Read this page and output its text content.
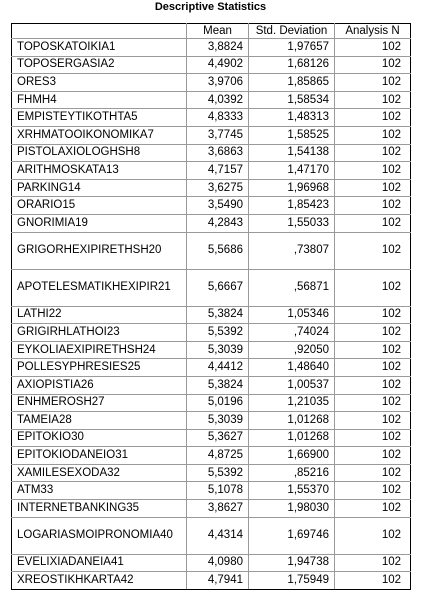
Descriptive Statistics
	Mean	Std. Deviation	Analysis N
TOPOSKATOIKIA1	3,8824	1,97657	102
TOPOSERGASIA2	4,4902	1,68126	102
ORES3	3,9706	1,85865	102
FHMH4	4,0392	1,58534	102
EMPISTEYTIKOTHTA5	4,8333	1,48313	102
XRHMATOOIKONOMIKA7	3,7745	1,58525	102
PISTOLAXIOLOGHSH8	3,6863	1,54138	102
ARITHMOSKATA13	4,7157	1,47170	102
PARKING14	3,6275	1,96968	102
ORARIO15	3,5490	1,85423	102
GNORIMIA19	4,2843	1,55033	102
GRIGORHEXIPIRETHSH20	5,5686	,73807	102
APOTELESMATIKHEXIPIR21	5,6667	,56871	102
LATHI22	5,3824	1,05346	102
GRIGIRHLATHOI23	5,5392	,74024	102
EYKOLIAEXIPIRETHSH24	5,3039	,92050	102
POLLESYPHRESIES25	4,4412	1,48640	102
AXIOPISTIA26	5,3824	1,00537	102
ENHMEROSH27	5,0196	1,21035	102
TAMEIA28	5,3039	1,01268	102
EPITOKIO30	5,3627	1,01268	102
EPITOKIODANEIO31	4,8725	1,66900	102
XAMILESEXODA32	5,5392	,85216	102
ATM33	5,1078	1,55370	102
INTERNETBANKING35	3,8627	1,98030	102
LOGARIASMOIPRONOMIA40	4,4314	1,69746	102
EVELIXIADANEIA41	4,0980	1,94738	102
XREOSTIKHKARTA42	4,7941	1,75949	102
